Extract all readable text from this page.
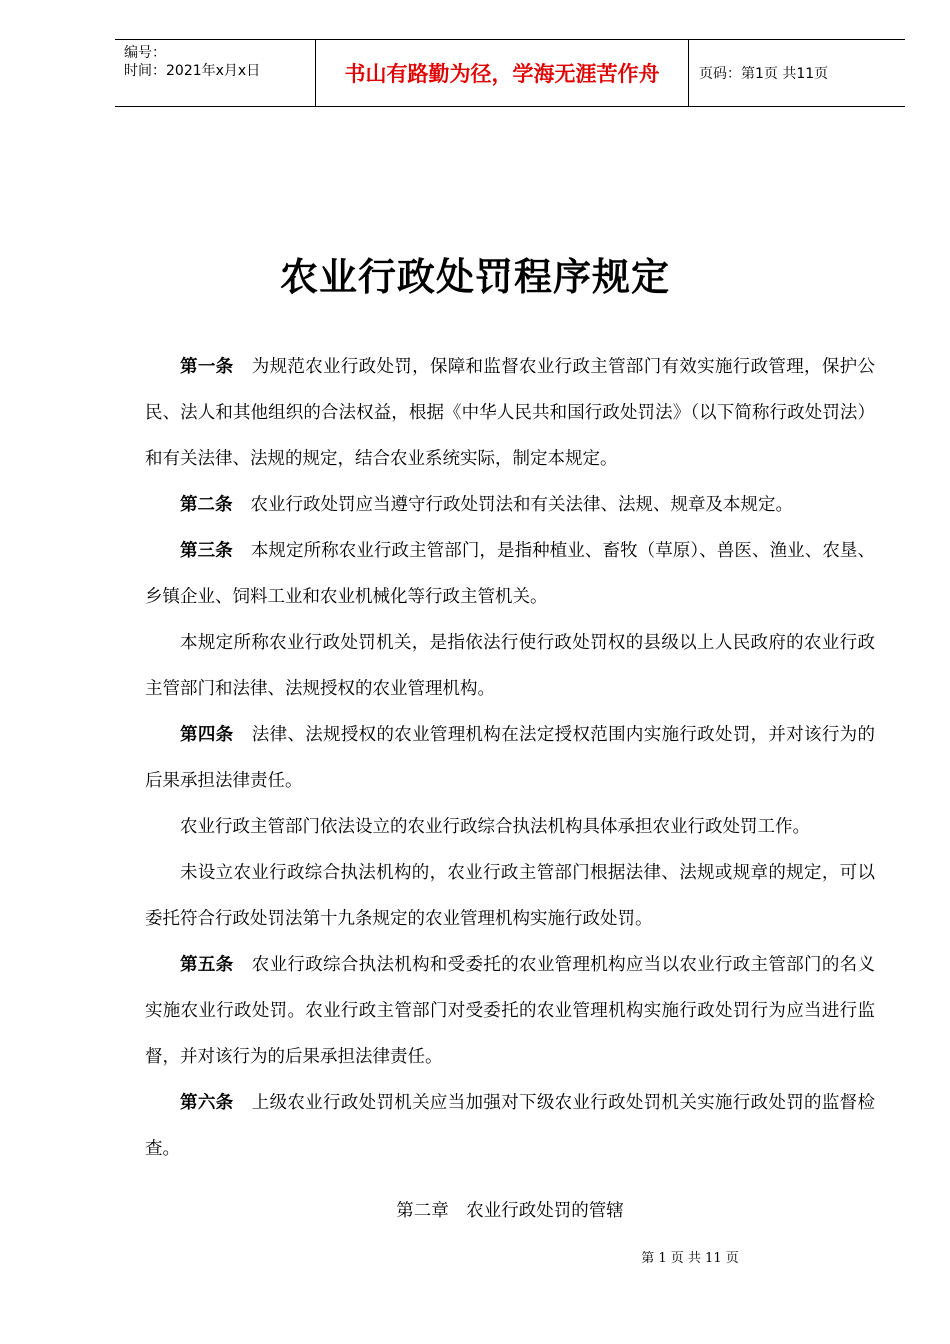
编号：
时间：2021年x月x日	书山有路勤为径，学海无涯苦作舟	页码：第1页 共11页
农业行政处罚程序规定

第一条 为规范农业行政处罚，保障和监督农业行政主管部门有效实施行政管理，保护公民、法人和其他组织的合法权益，根据《中华人民共和国行政处罚法》（以下简称行政处罚法）和有关法律、法规的规定，结合农业系统实际，制定本规定。

第二条 农业行政处罚应当遵守行政处罚法和有关法律、法规、规章及本规定。

第三条 本规定所称农业行政主管部门，是指种植业、畜牧（草原）、兽医、渔业、农垦、乡镇企业、饲料工业和农业机械化等行政主管机关。

本规定所称农业行政处罚机关，是指依法行使行政处罚权的县级以上人民政府的农业行政主管部门和法律、法规授权的农业管理机构。

第四条 法律、法规授权的农业管理机构在法定授权范围内实施行政处罚，并对该行为的后果承担法律责任。

农业行政主管部门依法设立的农业行政综合执法机构具体承担农业行政处罚工作。

未设立农业行政综合执法机构的，农业行政主管部门根据法律、法规或规章的规定，可以委托符合行政处罚法第十九条规定的农业管理机构实施行政处罚。

第五条 农业行政综合执法机构和受委托的农业管理机构应当以农业行政主管部门的名义实施农业行政处罚。农业行政主管部门对受委托的农业管理机构实施行政处罚行为应当进行监督，并对该行为的后果承担法律责任。

第六条 上级农业行政处罚机关应当加强对下级农业行政处罚机关实施行政处罚的监督检查。

第二章　农业行政处罚的管辖
第 1 页 共 11 页
